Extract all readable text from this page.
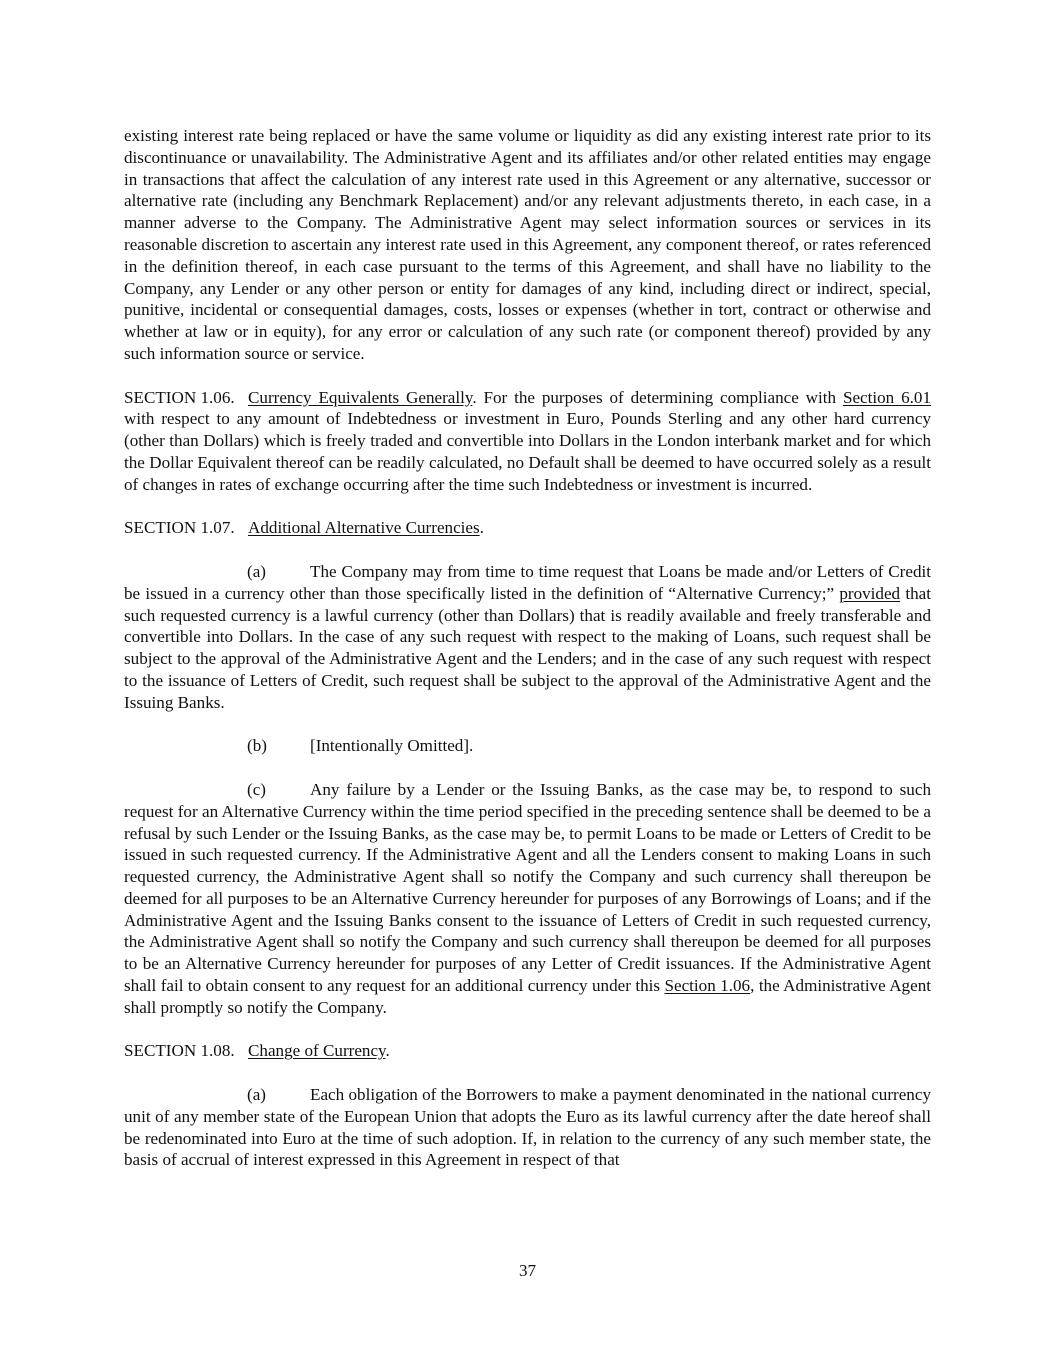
existing interest rate being replaced or have the same volume or liquidity as did any existing interest rate prior to its discontinuance or unavailability. The Administrative Agent and its affiliates and/or other related entities may engage in transactions that affect the calculation of any interest rate used in this Agreement or any alternative, successor or alternative rate (including any Benchmark Replacement) and/or any relevant adjustments thereto, in each case, in a manner adverse to the Company. The Administrative Agent may select information sources or services in its reasonable discretion to ascertain any interest rate used in this Agreement, any component thereof, or rates referenced in the definition thereof, in each case pursuant to the terms of this Agreement, and shall have no liability to the Company, any Lender or any other person or entity for damages of any kind, including direct or indirect, special, punitive, incidental or consequential damages, costs, losses or expenses (whether in tort, contract or otherwise and whether at law or in equity), for any error or calculation of any such rate (or component thereof) provided by any such information source or service.

SECTION 1.06. Currency Equivalents Generally. For the purposes of determining compliance with Section 6.01 with respect to any amount of Indebtedness or investment in Euro, Pounds Sterling and any other hard currency (other than Dollars) which is freely traded and convertible into Dollars in the London interbank market and for which the Dollar Equivalent thereof can be readily calculated, no Default shall be deemed to have occurred solely as a result of changes in rates of exchange occurring after the time such Indebtedness or investment is incurred.

SECTION 1.07. Additional Alternative Currencies.

(a)	The Company may from time to time request that Loans be made and/or Letters of Credit be issued in a currency other than those specifically listed in the definition of “Alternative Currency;” provided that such requested currency is a lawful currency (other than Dollars) that is readily available and freely transferable and convertible into Dollars. In the case of any such request with respect to the making of Loans, such request shall be subject to the approval of the Administrative Agent and the Lenders; and in the case of any such request with respect to the issuance of Letters of Credit, such request shall be subject to the approval of the Administrative Agent and the Issuing Banks.

(b)	[Intentionally Omitted].

(c)	Any failure by a Lender or the Issuing Banks, as the case may be, to respond to such request for an Alternative Currency within the time period specified in the preceding sentence shall be deemed to be a refusal by such Lender or the Issuing Banks, as the case may be, to permit Loans to be made or Letters of Credit to be issued in such requested currency. If the Administrative Agent and all the Lenders consent to making Loans in such requested currency, the Administrative Agent shall so notify the Company and such currency shall thereupon be deemed for all purposes to be an Alternative Currency hereunder for purposes of any Borrowings of Loans; and if the Administrative Agent and the Issuing Banks consent to the issuance of Letters of Credit in such requested currency, the Administrative Agent shall so notify the Company and such currency shall thereupon be deemed for all purposes to be an Alternative Currency hereunder for purposes of any Letter of Credit issuances. If the Administrative Agent shall fail to obtain consent to any request for an additional currency under this Section 1.06, the Administrative Agent shall promptly so notify the Company.

SECTION 1.08. Change of Currency.

(a)	Each obligation of the Borrowers to make a payment denominated in the national currency unit of any member state of the European Union that adopts the Euro as its lawful currency after the date hereof shall be redenominated into Euro at the time of such adoption. If, in relation to the currency of any such member state, the basis of accrual of interest expressed in this Agreement in respect of that

37
